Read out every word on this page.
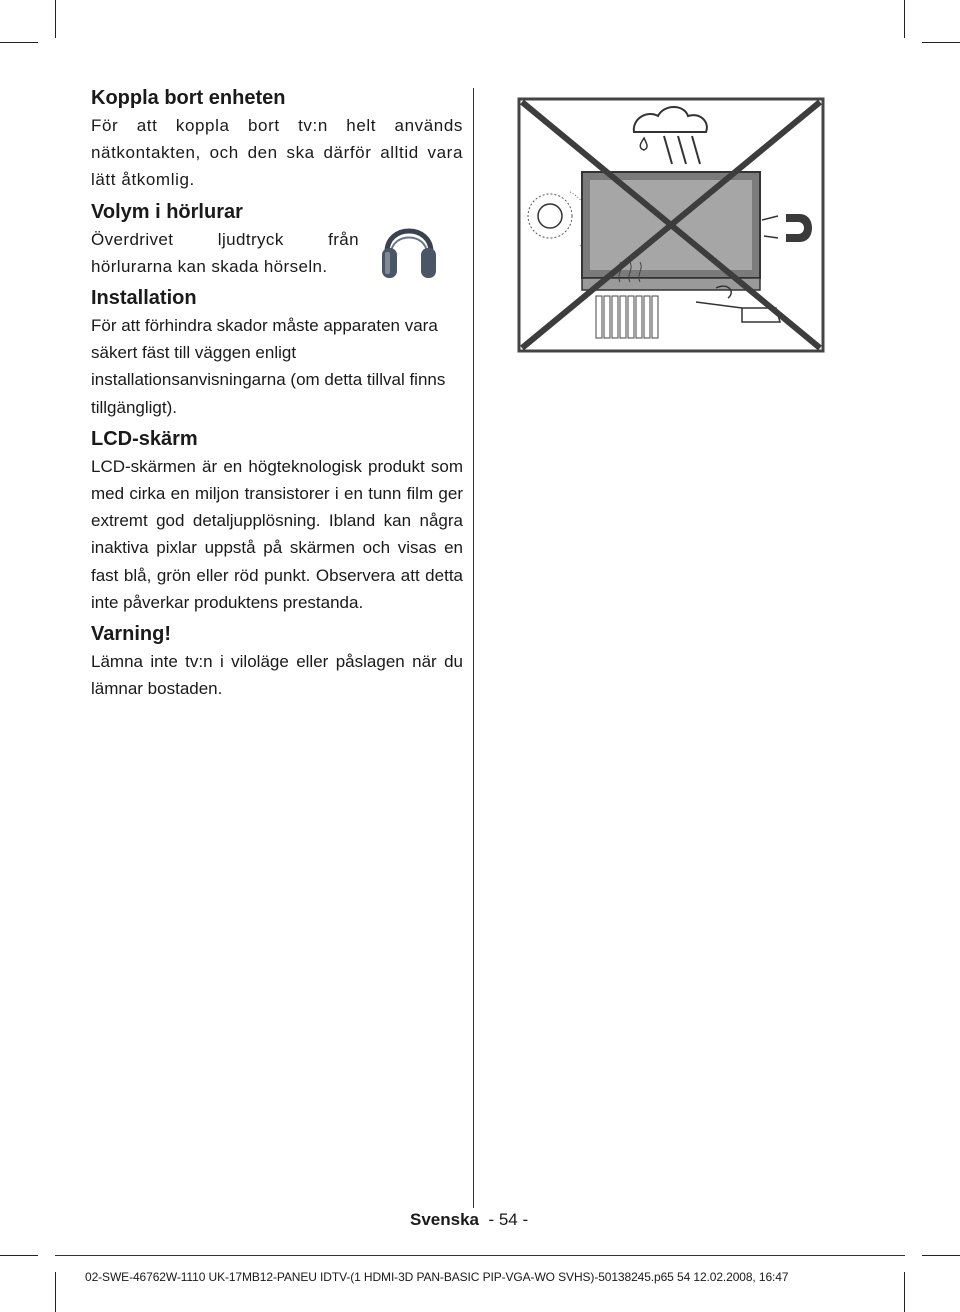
Koppla bort enheten

För att koppla bort tv:n helt används nätkontakten, och den ska därför alltid vara lätt åtkomlig.

Volym i hörlurar

Överdrivet ljudtryck från hörlurarna kan skada hörseln.

Installation

För att förhindra skador måste apparaten vara säkert fäst till väggen enligt installationsanvisningarna (om detta tillval finns tillgängligt).

LCD-skärm

LCD-skärmen är en högteknologisk produkt som med cirka en miljon transistorer i en tunn film ger extremt god detaljupplösning. Ibland kan några inaktiva pixlar uppstå på skärmen och visas en fast blå, grön eller röd punkt. Observera att detta inte påverkar produktens prestanda.

Varning!

Lämna inte tv:n i viloläge eller påslagen när du lämnar bostaden.

Svenska - 54 -
02-SWE-46762W-1110 UK-17MB12-PANEU IDTV-(1 HDMI-3D PAN-BASIC PIP-VGA-WO SVHS)-50138245.p65 54 12.02.2008, 16:47
